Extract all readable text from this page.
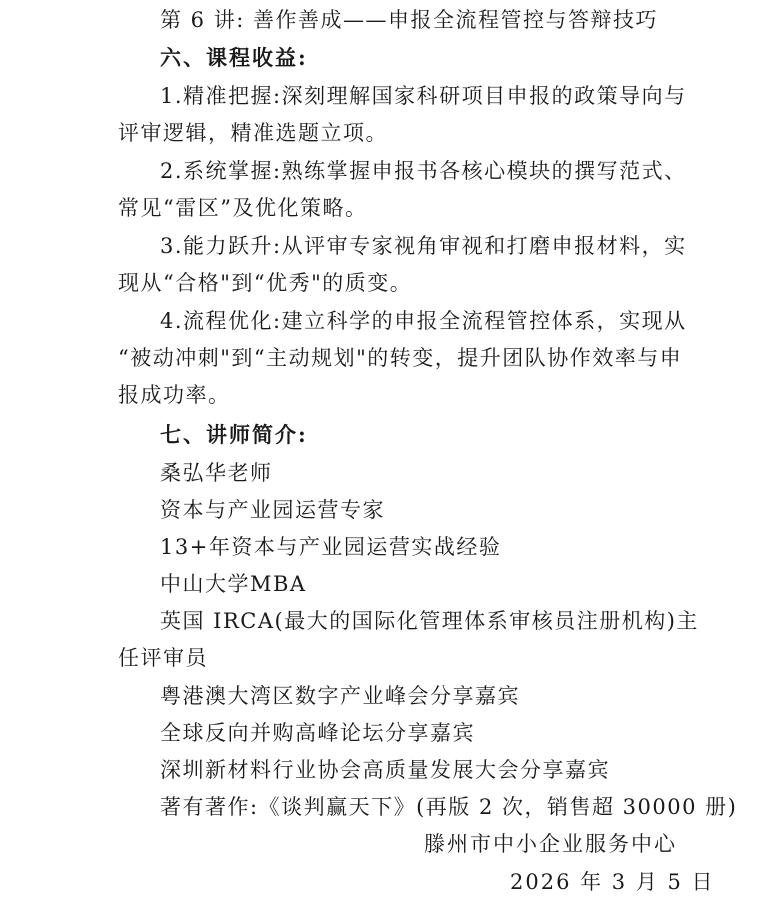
第 6 讲: 善作善成——申报全流程管控与答辩技巧
六、课程收益:
1.精准把握:深刻理解国家科研项目申报的政策导向与
评审逻辑，精准选题立项。
2.系统掌握:熟练掌握申报书各核心模块的撰写范式、
常见“雷区”及优化策略。
3.能力跃升:从评审专家视角审视和打磨申报材料，实
现从“合格"到“优秀"的质变。
4.流程优化:建立科学的申报全流程管控体系，实现从
“被动冲刺"到“主动规划"的转变，提升团队协作效率与申
报成功率。
七、讲师简介:
桑弘华老师
资本与产业园运营专家
13+年资本与产业园运营实战经验
中山大学MBA
英国 IRCA(最大的国际化管理体系审核员注册机构)主
任评审员
粤港澳大湾区数字产业峰会分享嘉宾
全球反向并购高峰论坛分享嘉宾
深圳新材料行业协会高质量发展大会分享嘉宾
著有著作:《谈判赢天下》(再版 2 次，销售超 30000 册)
滕州市中小企业服务中心
2026 年 3 月 5 日
